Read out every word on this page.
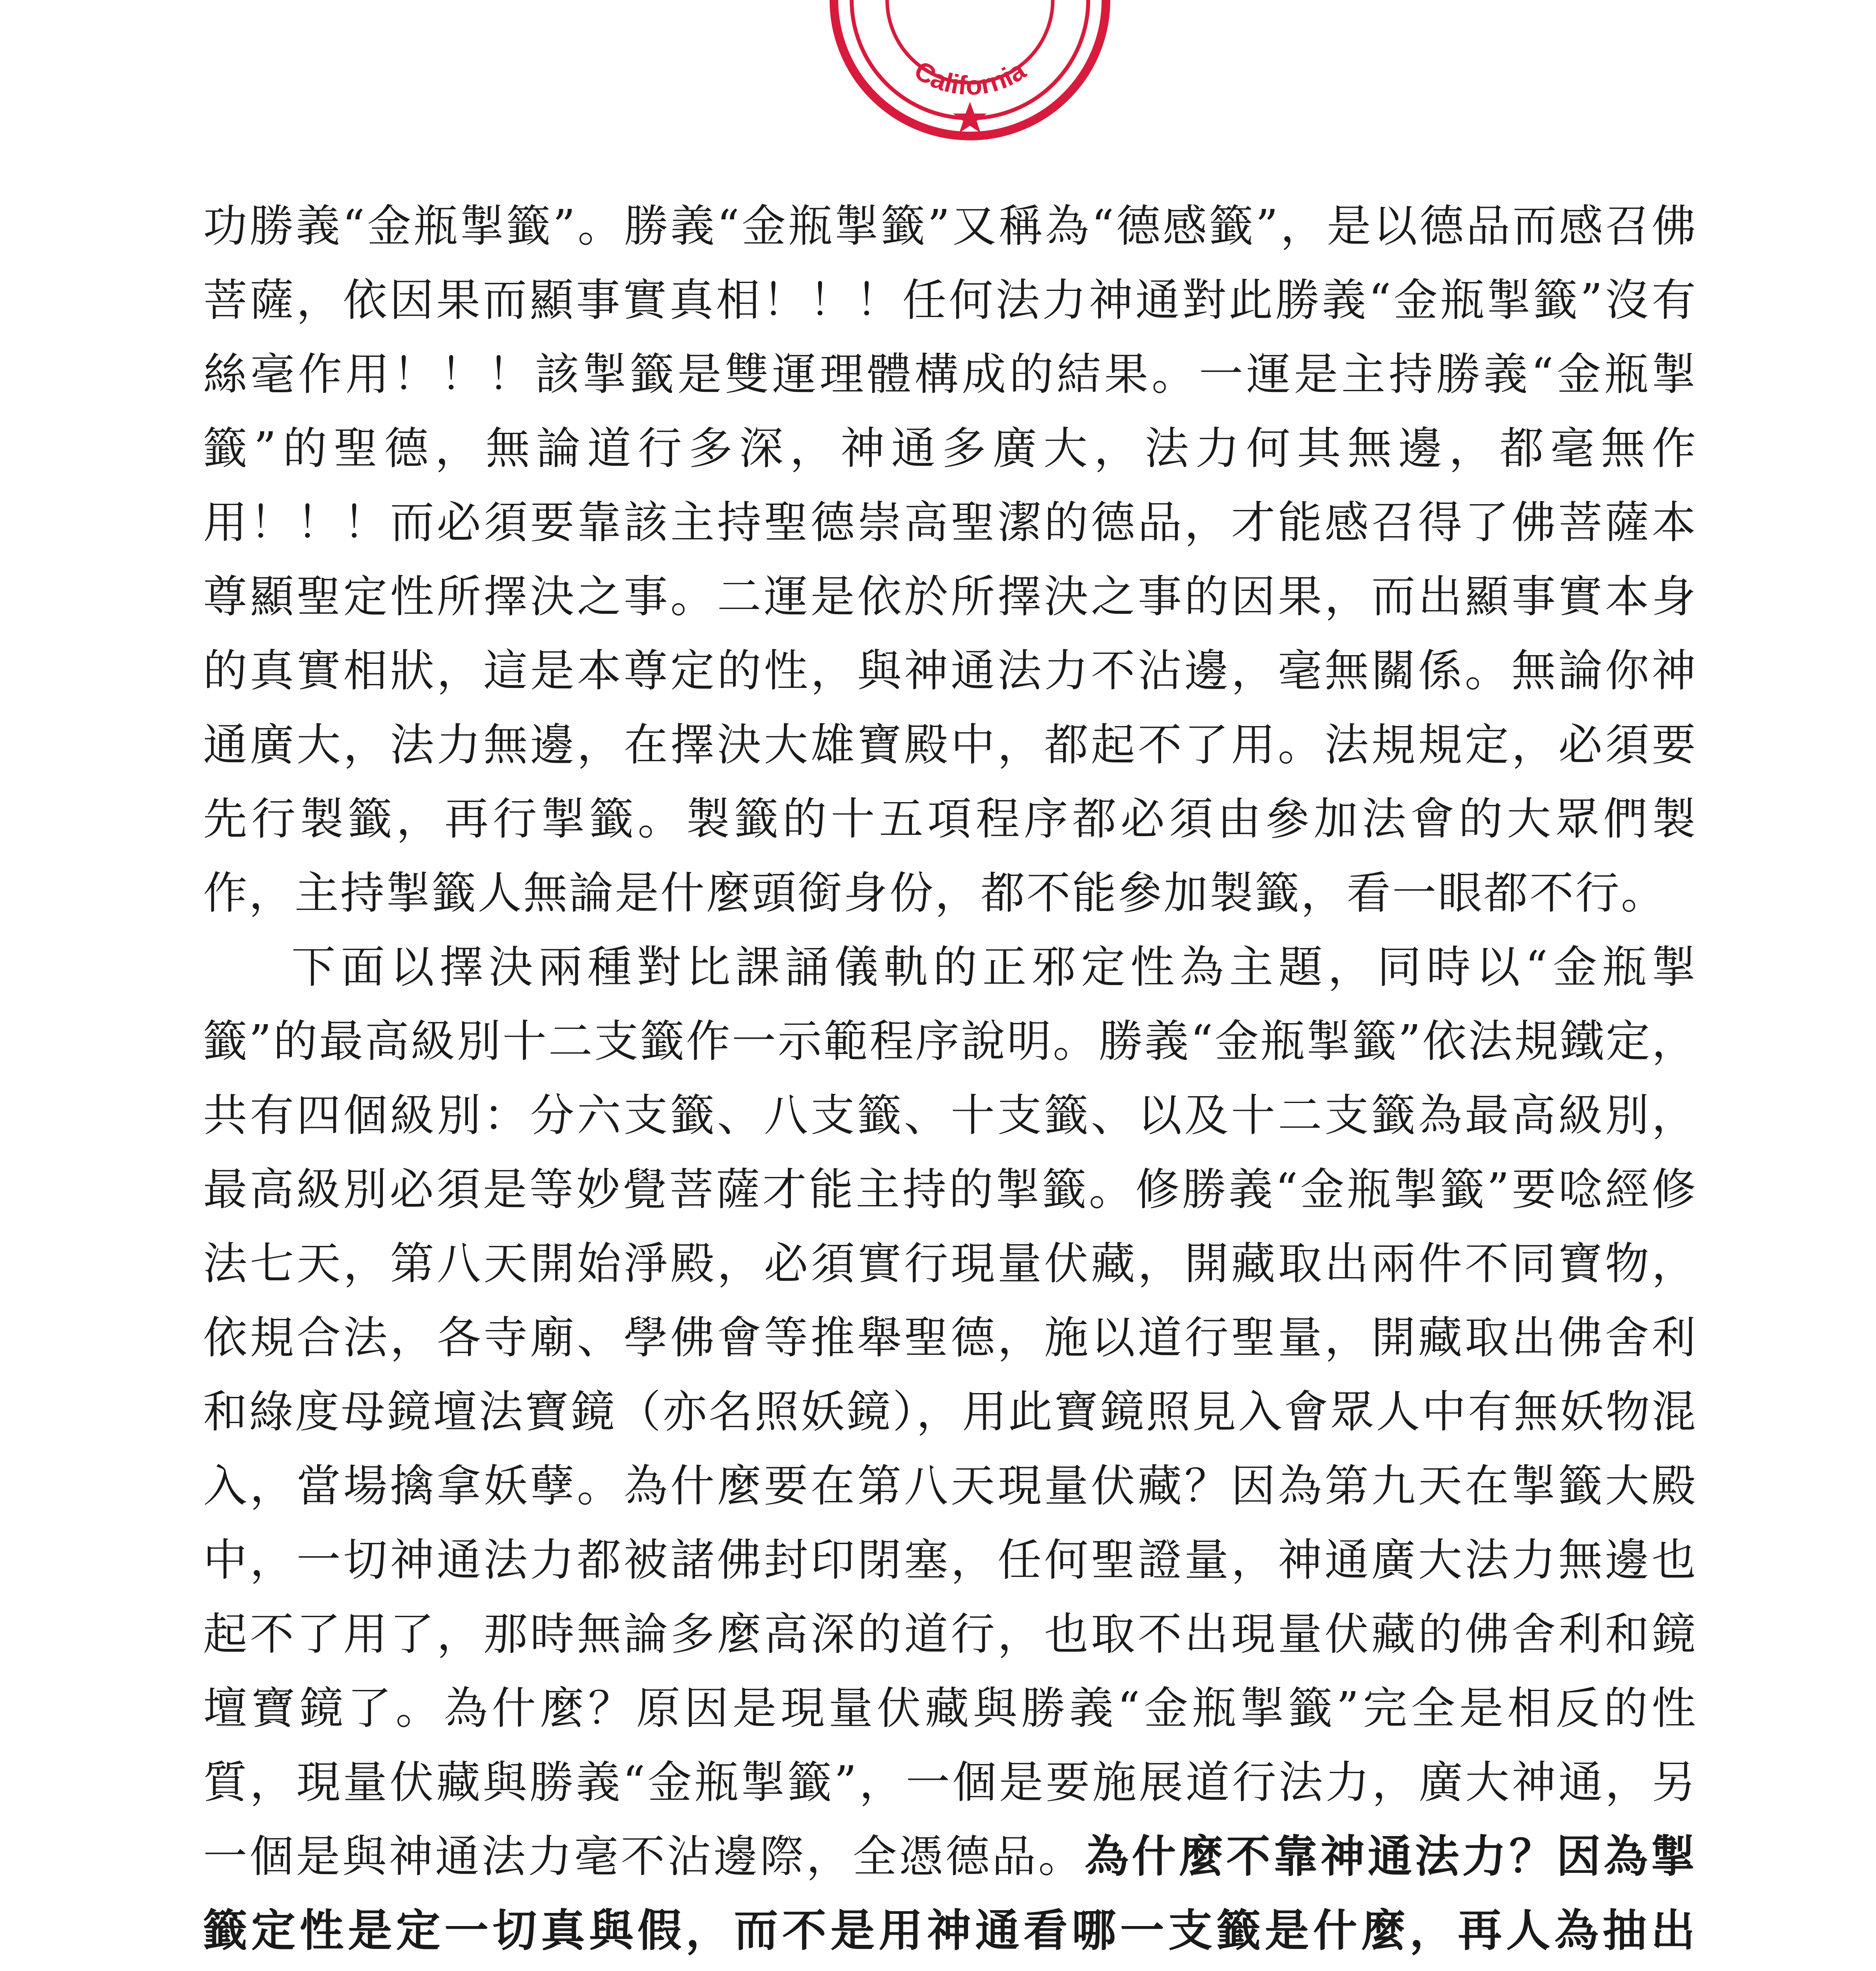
California

功勝義“金瓶掣籤”。勝義“金瓶掣籤”又稱為“德感籤”，是以德品而感召佛菩薩，依因果而顯事實真相！！！任何法力神通對此勝義“金瓶掣籤”沒有絲毫作用！！！該掣籤是雙運理體構成的結果。一運是主持勝義“金瓶掣籤”的聖德，無論道行多深，神通多廣大，法力何其無邊，都毫無作用！！！而必須要靠該主持聖德崇高聖潔的德品，才能感召得了佛菩薩本尊顯聖定性所擇決之事。二運是依於所擇決之事的因果，而出顯事實本身的真實相狀，這是本尊定的性，與神通法力不沾邊，毫無關係。無論你神通廣大，法力無邊，在擇決大雄寶殿中，都起不了用。法規規定，必須要先行製籤，再行掣籤。製籤的十五項程序都必須由參加法會的大眾們製作，主持掣籤人無論是什麼頭銜身份，都不能參加製籤，看一眼都不行。

下面以擇決兩種對比課誦儀軌的正邪定性為主題，同時以“金瓶掣籤”的最高級別十二支籤作一示範程序說明。勝義“金瓶掣籤”依法規鐵定，共有四個級別：分六支籤、八支籤、十支籤、以及十二支籤為最高級別，最高級別必須是等妙覺菩薩才能主持的掣籤。修勝義“金瓶掣籤”要唸經修法七天，第八天開始淨殿，必須實行現量伏藏，開藏取出兩件不同寶物，依規合法，各寺廟、學佛會等推舉聖德，施以道行聖量，開藏取出佛舍利和綠度母鏡壇法寶鏡（亦名照妖鏡），用此寶鏡照見入會眾人中有無妖物混入，當場擒拿妖孽。為什麼要在第八天現量伏藏？因為第九天在掣籤大殿中，一切神通法力都被諸佛封印閉塞，任何聖證量，神通廣大法力無邊也起不了用了，那時無論多麼高深的道行，也取不出現量伏藏的佛舍利和鏡壇寶鏡了。為什麼？原因是現量伏藏與勝義“金瓶掣籤”完全是相反的性質，現量伏藏與勝義“金瓶掣籤”，一個是要施展道行法力，廣大神通，另一個是與神通法力毫不沾邊際，全憑德品。為什麼不靠神通法力？因為掣籤定性是定一切真與假，而不是用神通看哪一支籤是什麼，再人為抽出
